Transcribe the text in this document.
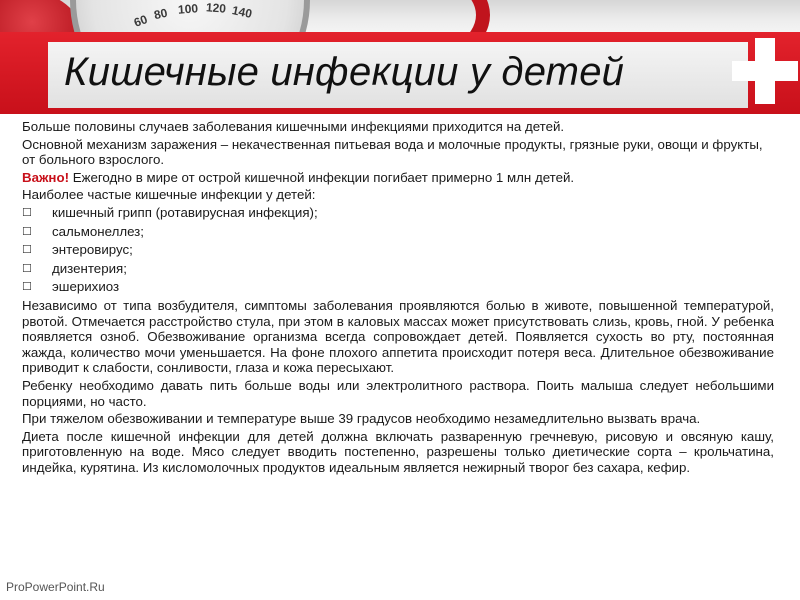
60 80 100 120 140
Кишечные инфекции у детей
Больше половины случаев заболевания кишечными инфекциями приходится на детей.
Основной механизм заражения – некачественная питьевая вода и молочные продукты, грязные руки, овощи и фрукты, от больного взрослого.
Важно! Ежегодно в мире от острой кишечной инфекции погибает примерно 1 млн детей.
Наиболее частые кишечные инфекции у детей:
☐	кишечный грипп (ротавирусная инфекция);
☐	сальмонеллез;
☐	энтеровирус;
☐	дизентерия;
☐	эшерихиоз
Независимо от типа возбудителя, симптомы заболевания проявляются болью в животе, повышенной температурой, рвотой. Отмечается расстройство стула, при этом в каловых массах может присутствовать слизь, кровь, гной. У ребенка появляется озноб. Обезвоживание организма всегда сопровождает детей. Появляется сухость во рту, постоянная жажда, количество мочи уменьшается. На фоне плохого аппетита происходит потеря веса. Длительное обезвоживание приводит к слабости, сонливости, глаза и кожа пересыхают.
Ребенку необходимо давать пить больше воды или электролитного раствора. Поить малыша следует небольшими порциями, но часто.
При тяжелом обезвоживании и температуре выше 39 градусов необходимо незамедлительно вызвать врача.
Диета после кишечной инфекции для детей должна включать разваренную гречневую, рисовую и овсяную кашу, приготовленную на воде. Мясо следует вводить постепенно, разрешены только диетические сорта – крольчатина, индейка, курятина. Из кисломолочных продуктов идеальным является нежирный творог без сахара, кефир.
ProPowerPoint.Ru
